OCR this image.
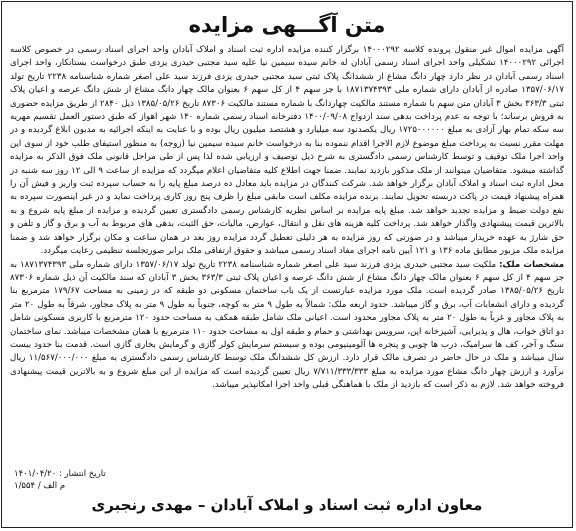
متن آگـــهی مزایده

آگهی مزایده اموال غیر منقول پرونده کلاسه ۱۴۰۰۰۲۹۲ برگزار کننده مزایده اداره ثبت اسناد و املاک آبادان واحد اجرای اسناد رسمی در خصوص کلاسه اجرائی ۱۴۰۰۰۲۹۲ تشکیلی واحد اجرای اسناد رسمی آبادان له خانم سیده سیمین نیا علیه سید مجتبی حیدری یزدی طبق درخواست بستانکار، واحد اجرای اسناد رسمی آبادان در نظر دارد چهار دانگ مشاع از ششدانگ پلاک ثبتی سید مجتبی حیدری یزدی فرزند سید علی اصغر شماره شناسنامه ۲۲۳۸ تاریخ تولد ۱۳۵۷/۰۶/۱۷ صادره از آبادان دارای شماره ملی ۱۸۷۱۳۷۴۳۹۳ با جز سهم ۴ از کل سهم ۶ بعنوان مالک چهار دانگ مشاع از شش دانگ عرصه و اعیان پلاک ثبتی ۳۶۳/۳ بخش ۳ آبادان متن سهم با شماره مستند مالکیت چهاردانگ با شماره مستند مالکیت ۸۷۳۰۶ تاریخ ۱۳۸۵/۰۵/۲۶ ذیل ۲۸۴۰ از طریق مزایده حضوری به فروش برساند؛ با توجه به عدم پرداخت بدهی سند ازدواج ۱۴۰۰/۰۹/۰۸ دفترخانه اسناد رسمی شماره ۱۴۰ شهر اهواز که طبق دستور العمل تقسیم مهریه سه سکه تمام بهار آزادی به مبلغ ۱۷۲۵۰۰۰۰۰۰ ریال یکصدنود سه میلیارد و هشتصد میلیون ریال بوده و با عنایت به اینکه اجرائیه به مدیون ابلاغ گردیده و در مهلت مقرر نسبت به پرداخت مبلغ موضوع لازم الاجرا اقدام ننموده بنا به درخواست خانم سیده سیمین نیا (زوجه) به منظور استیفای طلب خود از سوی این واحد اجرا ملک توقیف و توسط کارشناس رسمی دادگستری به شرح ذیل توصیف و ارزیابی شده لذا پس از طی مراحل قانونی ملک فوق الذکر به مزایده گذاشته میشود. متقاضیان میتوانند از ملک مذکور بازدید نمایند. ضمنا جهت اطلاع کلیه متقاضیان اعلام میگردد که مزایده از ساعت ۹ الی ۱۲ روز سه شنبه در محل اداره ثبت اسناد و املاک آبادان برگزار خواهد شد. شرکت کنندگان در مزایده باید معادل ده درصد مبلغ پایه را به حساب سپرده ثبت واریز و فیش آن را همراه پیشنهاد قیمت در پاکت دربسته تحویل نمایند. برنده مزایده مکلف است مابقی مبلغ را ظرف پنج روز کاری پرداخت نماید و در غیر اینصورت سپرده به نفع دولت ضبط و مزایده تجدید خواهد شد. مبلغ پایه مزایده بر اساس نظریه کارشناس رسمی دادگستری تعیین گردیده و مزایده از مبلغ پایه شروع و به بالاترین قیمت پیشنهادی واگذار خواهد شد. پرداخت کلیه هزینه های نقل و انتقال، عوارض، مالیات، حق الثبت، بدهی های مربوط به آب و برق و گاز و تلفن و حق شارژ به عهده خریدار میباشد و در صورتی که روز مزایده به هر دلیلی تعطیل گردد مزایده روز بعد در همان ساعت و مکان برگزار خواهد شد و ضمنا مزایده ملک مزبور مطابق ماده ۱۳۶ و ۱۲۱ آیین نامه اجرای مفاد اسناد رسمی میباشد و حقوق ارتفاقی ملک برابر صورتجلسه تنظیمی رعایت میگردد.

مشخصات ملک: ملکیت سید مجتبی حیدری یزدی فرزند سید علی اصغر شماره شناسنامه ۲۲۳۸ تاریخ تولد ۱۳۵۷/۰۶/۱۷ دارای شماره ملی ۱۸۷۱۳۷۴۳۹۳ به جز سهم ۴ از کل سهم ۶ بعنوان مالک چهار دانگ مشاع از شش دانگ عرصه و اعیان پلاک ثبتی ۳۶۳/۳ بخش ۳ آبادان که سند مالکیت آن ذیل شماره ۸۷۳۰۶ تاریخ ۱۳۸۵/۰۵/۲۶ صادر گردیده است. ملک مورد مزایده عبارتست از یک باب ساختمان مسکونی دو طبقه که در زمینی به مساحت ۱۷۹/۶۷ مترمربع بنا گردیده و دارای انشعابات آب، برق و گاز میباشد. حدود اربعه ملک: شمالاً به طول ۹ متر به کوچه، جنوباً به طول ۹ متر به پلاک مجاور، شرقاً به طول ۲۰ متر به پلاک مجاور و غرباً به طول ۲۰ متر به پلاک مجاور محدود است. اعیانی ملک شامل طبقه همکف به مساحت حدود ۱۲۰ مترمربع با کاربری مسکونی شامل دو اتاق خواب، هال و پذیرایی، آشپزخانه اپن، سرویس بهداشتی و حمام و طبقه اول به مساحت حدود ۱۱۰ مترمربع با همان مشخصات میباشد. نمای ساختمان سنگ و آجر، کف ها سرامیک، درب ها چوبی و پنجره ها آلومینیومی بوده و سیستم سرمایش کولر گازی و گرمایش بخاری گازی است. قدمت بنا حدود بیست سال میباشد و ملک در حال حاضر در تصرف مالک قرار دارد. ارزش کل ششدانگ ملک توسط کارشناس رسمی دادگستری به مبلغ ۱۱/۵۶۷/۰۰۰/۰۰۰ ریال برآورد و ارزش چهار دانگ مشاع مورد مزایده به مبلغ ۷/۷۱۱/۳۳۳/۳۳۳ ریال تعیین گردیده است که مزایده از این مبلغ شروع و به بالاترین قیمت پیشنهادی فروخته خواهد شد. لازم به ذکر است که بازدید از ملک با هماهنگی قبلی واحد اجرا امکانپذیر میباشد.

تاریخ انتشار : ۱۴۰۱/۰۴/۲۰
م الف / ۱/۵۵۴
معاون اداره ثبت اسناد و املاک آبادان – مهدی رنجبری
